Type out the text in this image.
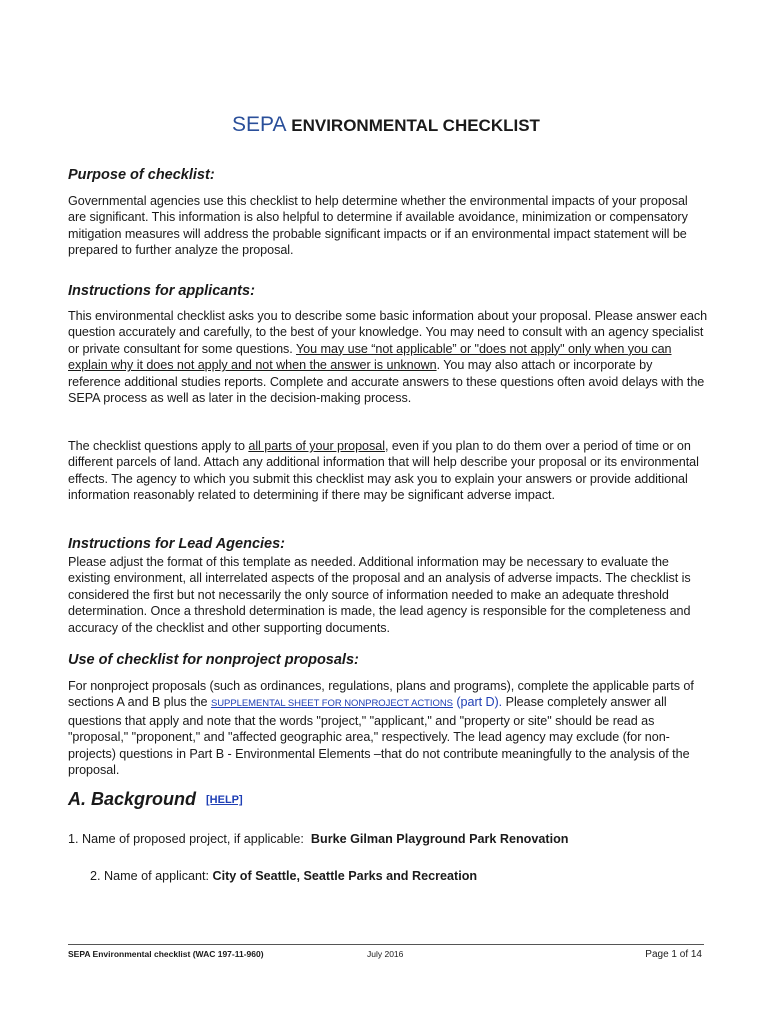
SEPA ENVIRONMENTAL CHECKLIST
Purpose of checklist:

Governmental agencies use this checklist to help determine whether the environmental impacts of your proposal are significant. This information is also helpful to determine if available avoidance, minimization or compensatory mitigation measures will address the probable significant impacts or if an environmental impact statement will be prepared to further analyze the proposal.

Instructions for applicants:

This environmental checklist asks you to describe some basic information about your proposal. Please answer each question accurately and carefully, to the best of your knowledge. You may need to consult with an agency specialist or private consultant for some questions. You may use “not applicable” or "does not apply" only when you can explain why it does not apply and not when the answer is unknown. You may also attach or incorporate by reference additional studies reports. Complete and accurate answers to these questions often avoid delays with the SEPA process as well as later in the decision-making process.

The checklist questions apply to all parts of your proposal, even if you plan to do them over a period of time or on different parcels of land. Attach any additional information that will help describe your proposal or its environmental effects. The agency to which you submit this checklist may ask you to explain your answers or provide additional information reasonably related to determining if there may be significant adverse impact.

Instructions for Lead Agencies:

Please adjust the format of this template as needed. Additional information may be necessary to evaluate the existing environment, all interrelated aspects of the proposal and an analysis of adverse impacts. The checklist is considered the first but not necessarily the only source of information needed to make an adequate threshold determination. Once a threshold determination is made, the lead agency is responsible for the completeness and accuracy of the checklist and other supporting documents.

Use of checklist for nonproject proposals:

For nonproject proposals (such as ordinances, regulations, plans and programs), complete the applicable parts of sections A and B plus the SUPPLEMENTAL SHEET FOR NONPROJECT ACTIONS (part D). Please completely answer all questions that apply and note that the words "project," "applicant," and "property or site" should be read as "proposal," "proponent," and "affected geographic area," respectively. The lead agency may exclude (for non-projects) questions in Part B - Environmental Elements –that do not contribute meaningfully to the analysis of the proposal.

A. Background [HELP]

1. Name of proposed project, if applicable: Burke Gilman Playground Park Renovation

2. Name of applicant: City of Seattle, Seattle Parks and Recreation

SEPA Environmental checklist (WAC 197-11-960)	July 2016	Page 1 of 14
